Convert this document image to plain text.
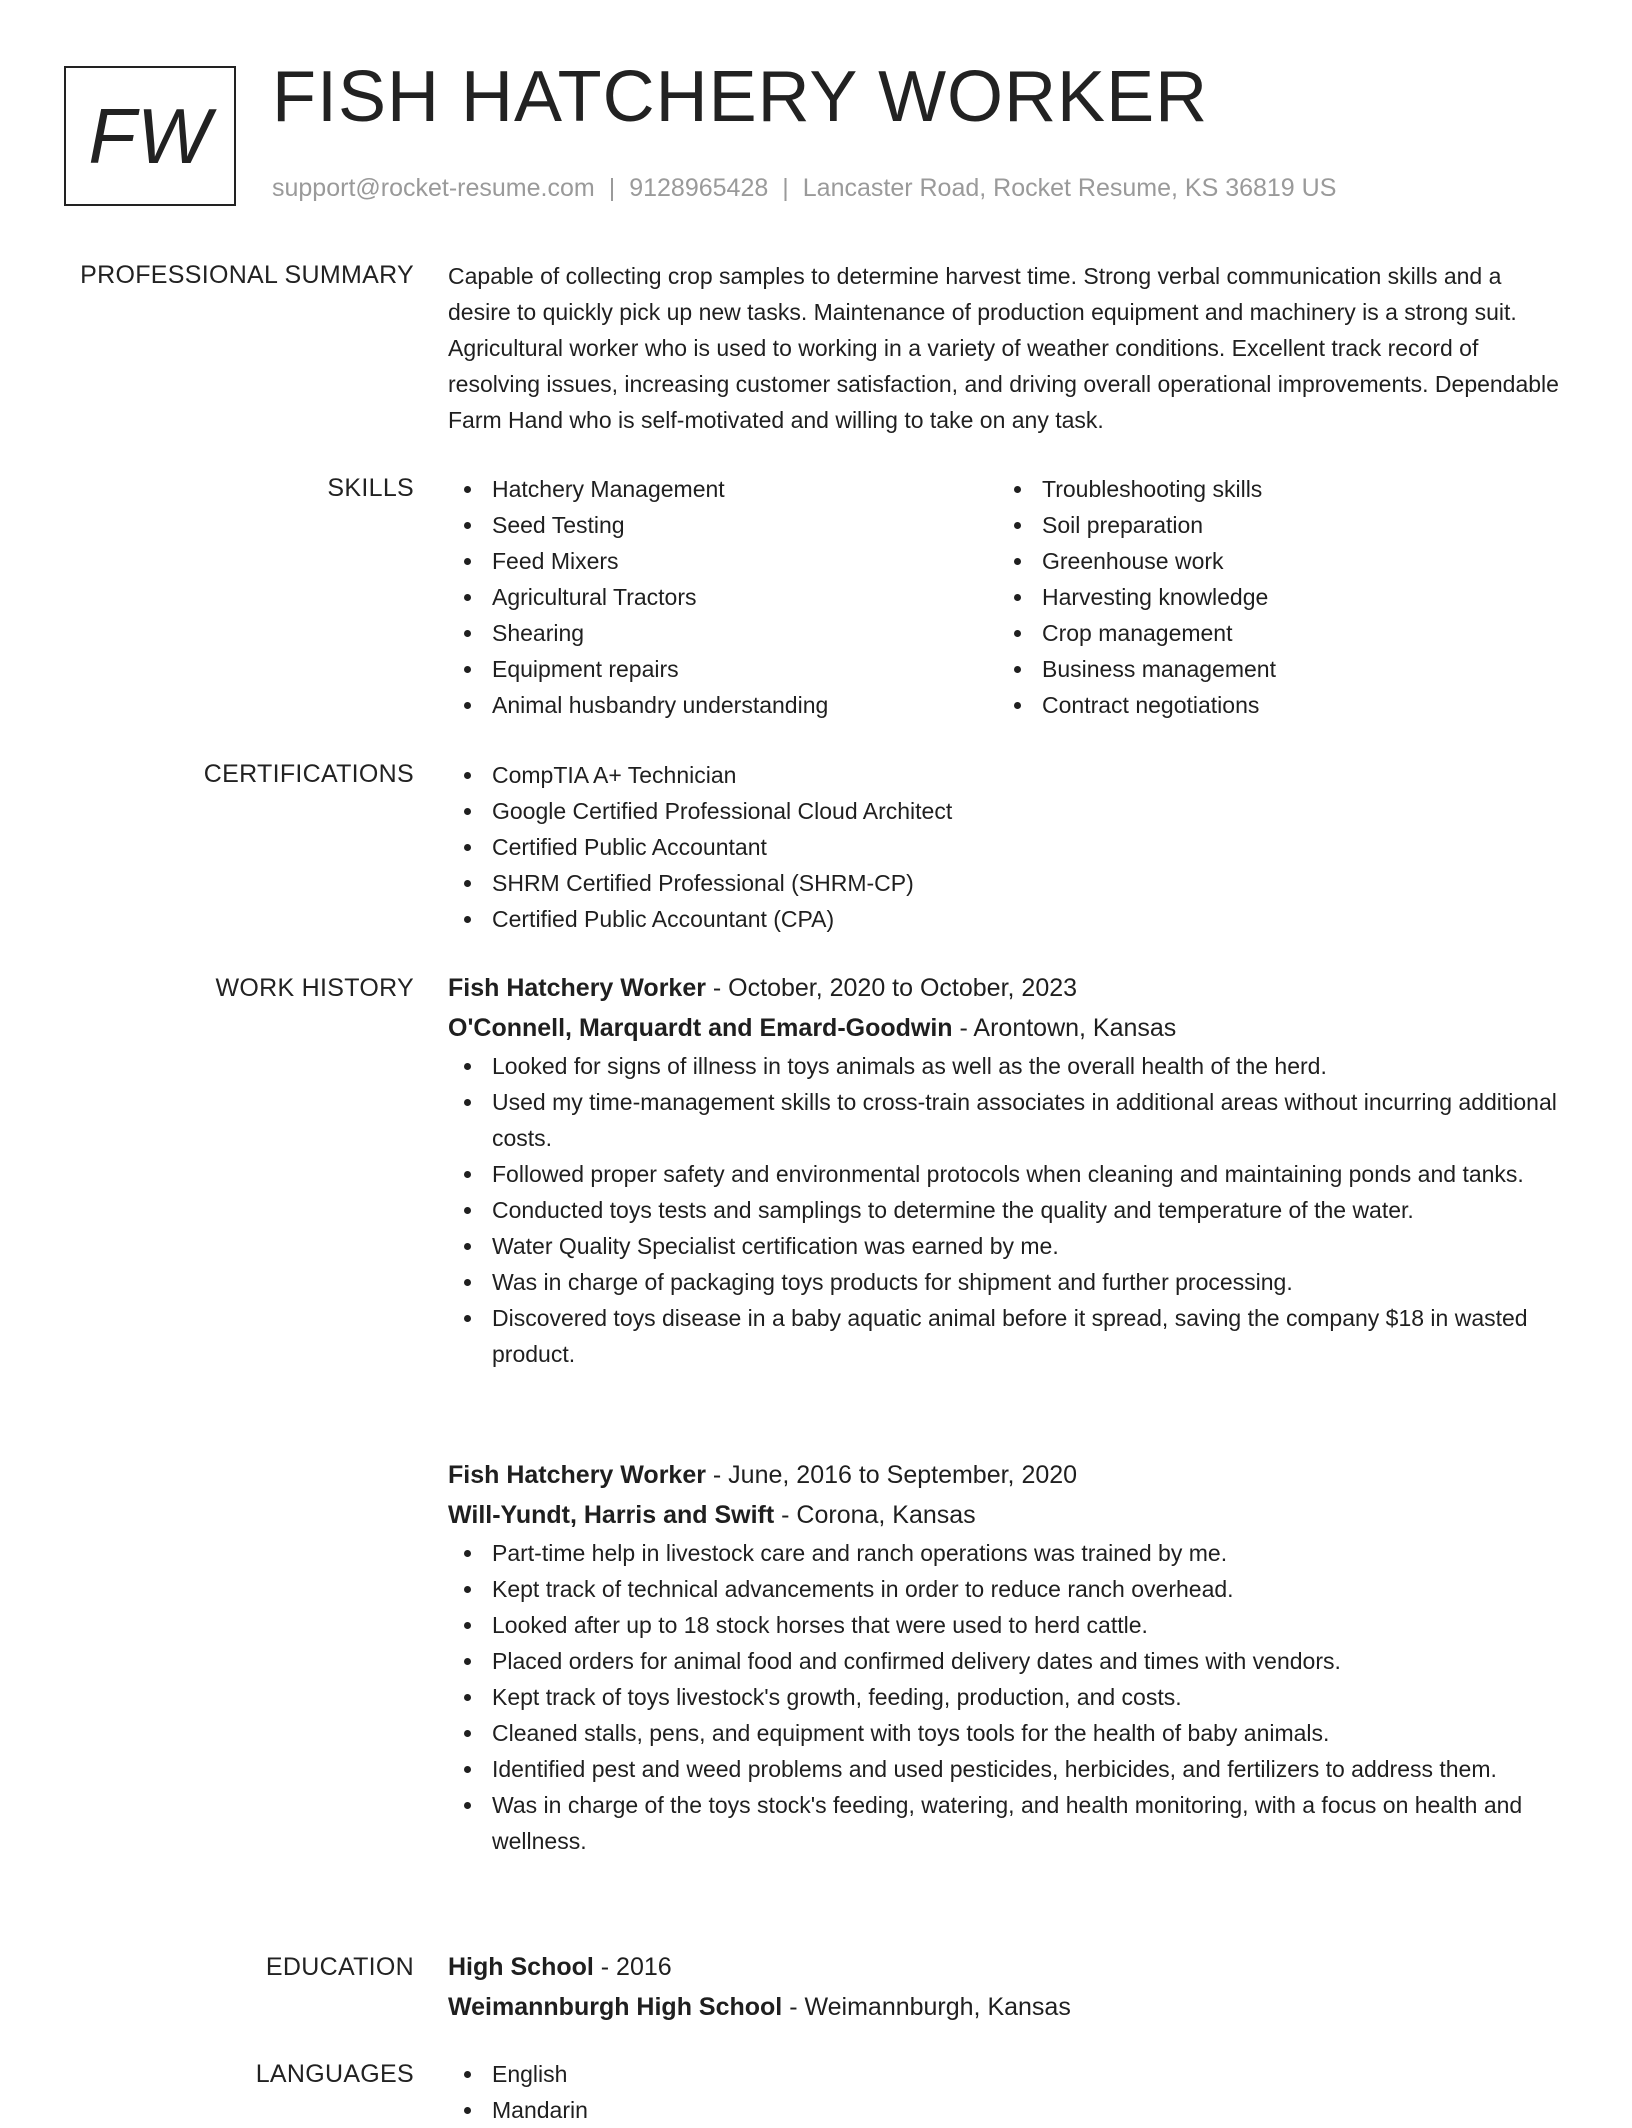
FW FISH HATCHERY WORKER
support@rocket-resume.com | 9128965428 | Lancaster Road, Rocket Resume, KS 36819 US
PROFESSIONAL SUMMARY Capable of collecting crop samples to determine harvest time. Strong verbal communication skills and a desire to quickly pick up new tasks. Maintenance of production equipment and machinery is a strong suit. Agricultural worker who is used to working in a variety of weather conditions. Excellent track record of resolving issues, increasing customer satisfaction, and driving overall operational improvements. Dependable Farm Hand who is self-motivated and willing to take on any task.

SKILLS	Hatchery Management
Seed Testing
Feed Mixers
Agricultural Tractors
Shearing
Equipment repairs
Animal husbandry understanding
Troubleshooting skills
Soil preparation
Greenhouse work
Harvesting knowledge
Crop management
Business management
Contract negotiations
CERTIFICATIONS	CompTIA A+ Technician
Google Certified Professional Cloud Architect
Certified Public Accountant
SHRM Certified Professional (SHRM-CP)
Certified Public Accountant (CPA)
WORK HISTORY Fish Hatchery Worker - October, 2020 to October, 2023
O'Connell, Marquardt and Emard-Goodwin - Arontown, Kansas
Looked for signs of illness in toys animals as well as the overall health of the herd.
Used my time-management skills to cross-train associates in additional areas without incurring additional costs.
Followed proper safety and environmental protocols when cleaning and maintaining ponds and tanks.
Conducted toys tests and samplings to determine the quality and temperature of the water.
Water Quality Specialist certification was earned by me.
Was in charge of packaging toys products for shipment and further processing.
Discovered toys disease in a baby aquatic animal before it spread, saving the company $18 in wasted product.
Fish Hatchery Worker - June, 2016 to September, 2020
Will-Yundt, Harris and Swift - Corona, Kansas
Part-time help in livestock care and ranch operations was trained by me.
Kept track of technical advancements in order to reduce ranch overhead.
Looked after up to 18 stock horses that were used to herd cattle.
Placed orders for animal food and confirmed delivery dates and times with vendors.
Kept track of toys livestock's growth, feeding, production, and costs.
Cleaned stalls, pens, and equipment with toys tools for the health of baby animals.
Identified pest and weed problems and used pesticides, herbicides, and fertilizers to address them.
Was in charge of the toys stock's feeding, watering, and health monitoring, with a focus on health and wellness.
EDUCATION High School - 2016
Weimannburgh High School - Weimannburgh, Kansas
LANGUAGES	English
Mandarin
